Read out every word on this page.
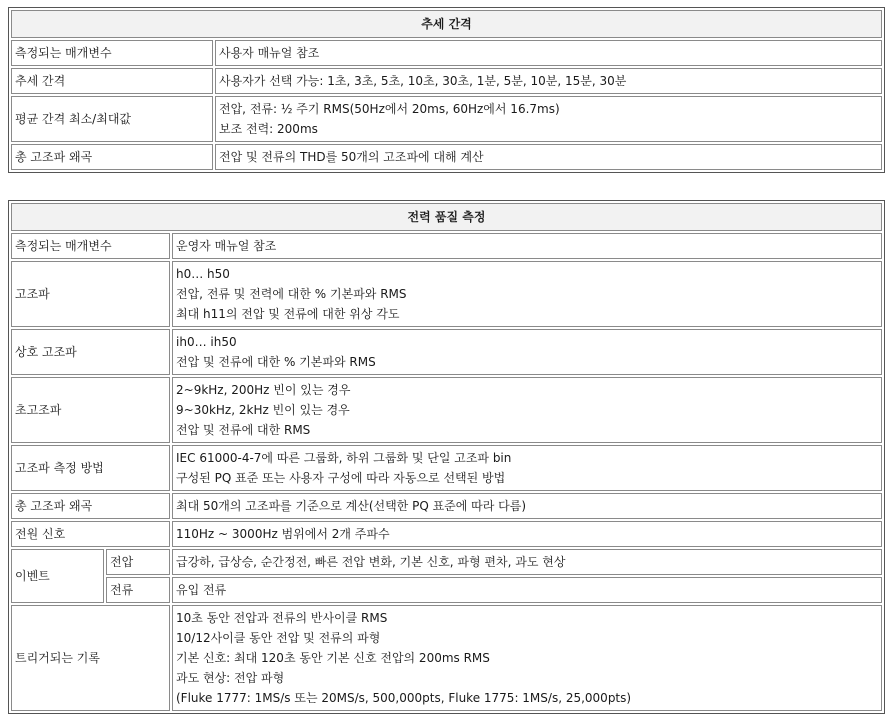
추세 간격	
측정되는 매개변수	사용자 매뉴얼 참조

추세 간격	사용자가 선택 가능: 1초, 3초, 5초, 10초, 30초, 1분, 5분, 10분, 15분, 30분

평균 간격 최소/최대값	전압, 전류: ½ 주기 RMS(50Hz에서 20ms, 60Hz에서 16.7ms)
보조 전력: 200ms

총 고조파 왜곡	전압 및 전류의 THD를 50개의 고조파에 대해 계산
전력 품질 측정		
측정되는 매개변수		운영자 매뉴얼 참조

고조파		h0… h50
전압, 전류 및 전력에 대한 % 기본파와 RMS
최대 h11의 전압 및 전류에 대한 위상 각도

상호 고조파		ih0… ih50
전압 및 전류에 대한 % 기본파와 RMS

초고조파		2~9kHz, 200Hz 빈이 있는 경우
9~30kHz, 2kHz 빈이 있는 경우
전압 및 전류에 대한 RMS

고조파 측정 방법		IEC 61000-4-7에 따른 그룹화, 하위 그룹화 및 단일 고조파 bin
구성된 PQ 표준 또는 사용자 구성에 따라 자동으로 선택된 방법

총 고조파 왜곡		최대 50개의 고조파를 기준으로 계산(선택한 PQ 표준에 따라 다름)

전원 신호		110Hz ~ 3000Hz 범위에서 2개 주파수

이벤트	전압	급강하, 급상승, 순간정전, 빠른 전압 변화, 기본 신호, 파형 편차, 과도 현상
	전류	유입 전류
트리거되는 기록		10초 동안 전압과 전류의 반사이클 RMS
10/12사이클 동안 전압 및 전류의 파형
기본 신호: 최대 120초 동안 기본 신호 전압의 200ms RMS
과도 현상: 전압 파형
(Fluke 1777: 1MS/s 또는 20MS/s, 500,000pts, Fluke 1775: 1MS/s, 25,000pts)
